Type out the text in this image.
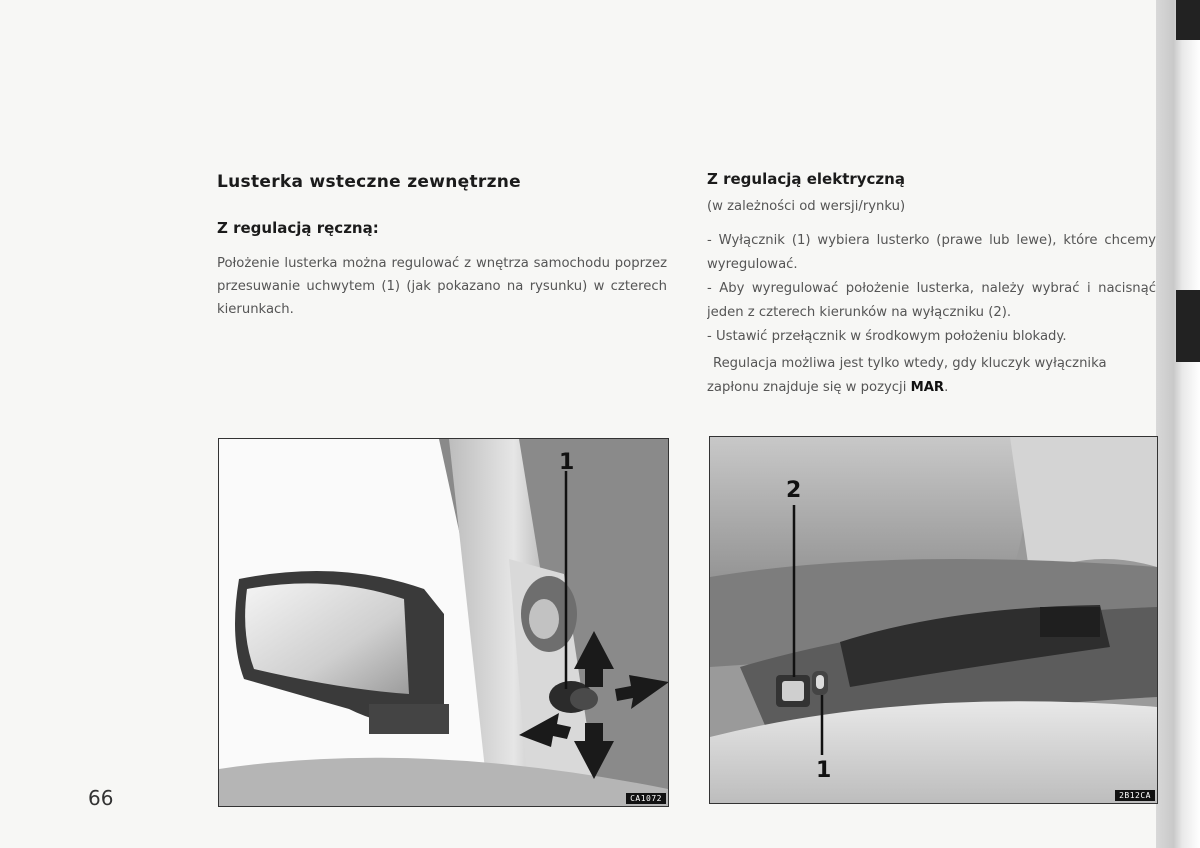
Lusterka wsteczne zewnętrzne
Z regulacją ręczną:

Położenie lusterka można regulować z wnętrza samochodu poprzez przesuwanie uchwytem (1) (jak pokazano na rysunku) w czterech kierunkach.

Z regulacją elektryczną

(w zależności od wersji/rynku)

- Wyłącznik (1) wybiera lusterko (prawe lub lewe), które chcemy wyregulować.
- Aby wyregulować położenie lusterka, należy wybrać i nacisnąć jeden z czterech kierunków na wyłączniku (2).
- Ustawić przełącznik w środkowym położeniu blokady.

Regulacja możliwa jest tylko wtedy, gdy kluczyk wyłącznika zapłonu znajduje się w pozycji MAR.

1
CA1072
2
1
2B12CA

66
